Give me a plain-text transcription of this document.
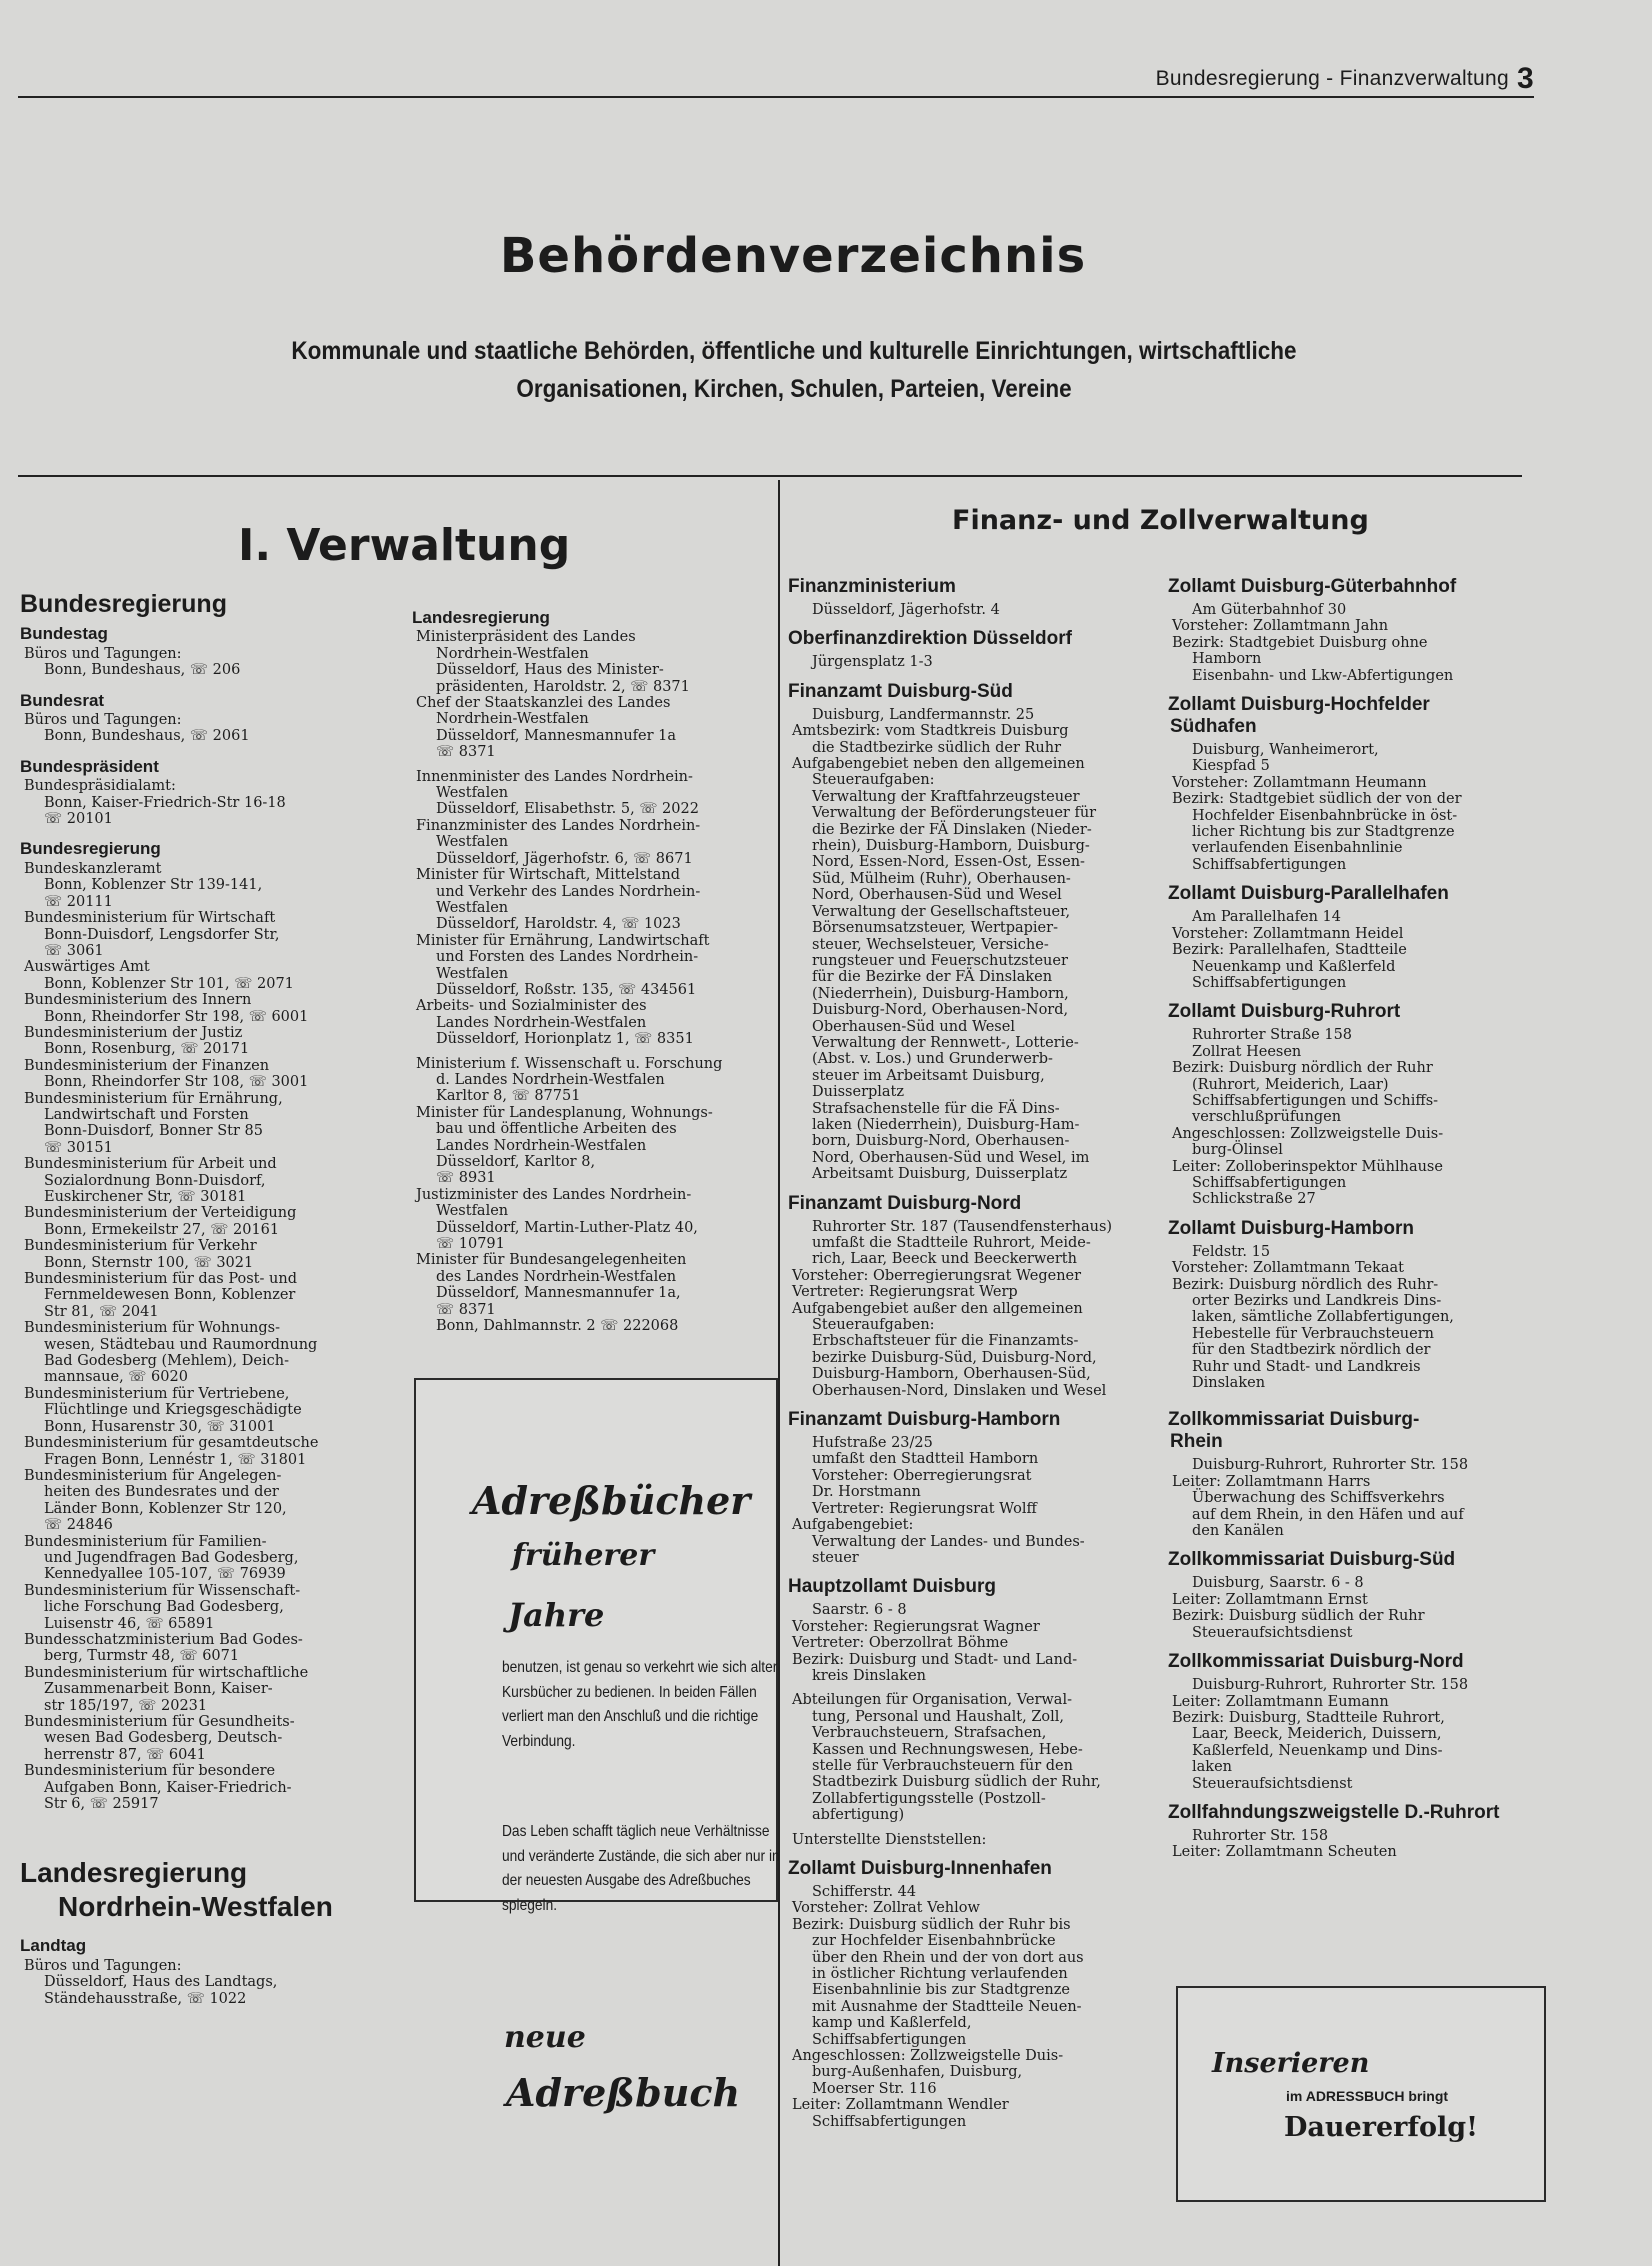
Bundesregierung - Finanzverwaltung 3
Behördenverzeichnis
Kommunale und staatliche Behörden, öffentliche und kulturelle Einrichtungen, wirtschaftliche Organisationen, Kirchen, Schulen, Parteien, Vereine
I. Verwaltung	Finanz- und Zollverwaltung

Bundesregierung

Bundestag

Büros und Tagungen:

Bonn, Bundeshaus, ☏ 206

Bundesrat

Büros und Tagungen:

Bonn, Bundeshaus, ☏ 2061

Bundespräsident

Bundespräsidialamt:

Bonn, Kaiser-Friedrich-Str 16-18

☏ 20101

Bundesregierung

Bundeskanzleramt

Bonn, Koblenzer Str 139-141,

☏ 20111

Bundesministerium für Wirtschaft

Bonn-Duisdorf, Lengsdorfer Str,

☏ 3061

Auswärtiges Amt

Bonn, Koblenzer Str 101, ☏ 2071

Bundesministerium des Innern

Bonn, Rheindorfer Str 198, ☏ 6001

Bundesministerium der Justiz

Bonn, Rosenburg, ☏ 20171

Bundesministerium der Finanzen

Bonn, Rheindorfer Str 108, ☏ 3001

Bundesministerium für Ernährung,

Landwirtschaft und Forsten

Bonn-Duisdorf, Bonner Str 85

☏ 30151

Bundesministerium für Arbeit und

Sozialordnung Bonn-Duisdorf,

Euskirchener Str, ☏ 30181

Bundesministerium der Verteidigung

Bonn, Ermekeilstr 27, ☏ 20161

Bundesministerium für Verkehr

Bonn, Sternstr 100, ☏ 3021

Bundesministerium für das Post- und

Fernmeldewesen Bonn, Koblenzer

Str 81, ☏ 2041

Bundesministerium für Wohnungs-

wesen, Städtebau und Raumordnung

Bad Godesberg (Mehlem), Deich-

mannsaue, ☏ 6020

Bundesministerium für Vertriebene,

Flüchtlinge und Kriegsgeschädigte

Bonn, Husarenstr 30, ☏ 31001

Bundesministerium für gesamtdeutsche

Fragen Bonn, Lennéstr 1, ☏ 31801

Bundesministerium für Angelegen-

heiten des Bundesrates und der

Länder Bonn, Koblenzer Str 120,

☏ 24846

Bundesministerium für Familien-

und Jugendfragen Bad Godesberg,

Kennedyallee 105-107, ☏ 76939

Bundesministerium für Wissenschaft-

liche Forschung Bad Godesberg,

Luisenstr 46, ☏ 65891

Bundesschatzministerium Bad Godes-

berg, Turmstr 48, ☏ 6071

Bundesministerium für wirtschaftliche

Zusammenarbeit Bonn, Kaiser-

str 185/197, ☏ 20231

Bundesministerium für Gesundheits-

wesen Bad Godesberg, Deutsch-

herrenstr 87, ☏ 6041

Bundesministerium für besondere

Aufgaben Bonn, Kaiser-Friedrich-

Str 6, ☏ 25917

Landesregierung

Nordrhein-Westfalen

Landtag

Büros und Tagungen:

Düsseldorf, Haus des Landtags,

Ständehausstraße, ☏ 1022

Landesregierung

Ministerpräsident des Landes

Nordrhein-Westfalen

Düsseldorf, Haus des Minister-

präsidenten, Haroldstr. 2, ☏ 8371

Chef der Staatskanzlei des Landes

Nordrhein-Westfalen

Düsseldorf, Mannesmannufer 1a

☏ 8371

Innenminister des Landes Nordrhein-

Westfalen

Düsseldorf, Elisabethstr. 5, ☏ 2022

Finanzminister des Landes Nordrhein-

Westfalen

Düsseldorf, Jägerhofstr. 6, ☏ 8671

Minister für Wirtschaft, Mittelstand

und Verkehr des Landes Nordrhein-

Westfalen

Düsseldorf, Haroldstr. 4, ☏ 1023

Minister für Ernährung, Landwirtschaft

und Forsten des Landes Nordrhein-

Westfalen

Düsseldorf, Roßstr. 135, ☏ 434561

Arbeits- und Sozialminister des

Landes Nordrhein-Westfalen

Düsseldorf, Horionplatz 1, ☏ 8351

Ministerium f. Wissenschaft u. Forschung

d. Landes Nordrhein-Westfalen

Karltor 8, ☏ 87751

Minister für Landesplanung, Wohnungs-

bau und öffentliche Arbeiten des

Landes Nordrhein-Westfalen

Düsseldorf, Karltor 8,

☏ 8931

Justizminister des Landes Nordrhein-

Westfalen

Düsseldorf, Martin-Luther-Platz 40,

☏ 10791

Minister für Bundesangelegenheiten

des Landes Nordrhein-Westfalen

Düsseldorf, Mannesmannufer 1a,

☏ 8371

Bonn, Dahlmannstr. 2 ☏ 222068

Finanzministerium

Düsseldorf, Jägerhofstr. 4

Oberfinanzdirektion Düsseldorf

Jürgensplatz 1-3

Finanzamt Duisburg-Süd

Duisburg, Landfermannstr. 25

Amtsbezirk: vom Stadtkreis Duisburg

die Stadtbezirke südlich der Ruhr

Aufgabengebiet neben den allgemeinen

Steueraufgaben:

Verwaltung der Kraftfahrzeugsteuer

Verwaltung der Beförderungsteuer für

die Bezirke der FÄ Dinslaken (Nieder-

rhein), Duisburg-Hamborn, Duisburg-

Nord, Essen-Nord, Essen-Ost, Essen-

Süd, Mülheim (Ruhr), Oberhausen-

Nord, Oberhausen-Süd und Wesel

Verwaltung der Gesellschaftsteuer,

Börsenumsatzsteuer, Wertpapier-

steuer, Wechselsteuer, Versiche-

rungsteuer und Feuerschutzsteuer

für die Bezirke der FÄ Dinslaken

(Niederrhein), Duisburg-Hamborn,

Duisburg-Nord, Oberhausen-Nord,

Oberhausen-Süd und Wesel

Verwaltung der Rennwett-, Lotterie-

(Abst. v. Los.) und Grunderwerb-

steuer im Arbeitsamt Duisburg,

Duisserplatz

Strafsachenstelle für die FÄ Dins-

laken (Niederrhein), Duisburg-Ham-

born, Duisburg-Nord, Oberhausen-

Nord, Oberhausen-Süd und Wesel, im

Arbeitsamt Duisburg, Duisserplatz

Finanzamt Duisburg-Nord

Ruhrorter Str. 187 (Tausendfensterhaus)

umfaßt die Stadtteile Ruhrort, Meide-

rich, Laar, Beeck und Beeckerwerth

Vorsteher: Oberregierungsrat Wegener

Vertreter: Regierungsrat Werp

Aufgabengebiet außer den allgemeinen

Steueraufgaben:

Erbschaftsteuer für die Finanzamts-

bezirke Duisburg-Süd, Duisburg-Nord,

Duisburg-Hamborn, Oberhausen-Süd,

Oberhausen-Nord, Dinslaken und Wesel

Finanzamt Duisburg-Hamborn

Hufstraße 23/25

umfaßt den Stadtteil Hamborn

Vorsteher: Oberregierungsrat

Dr. Horstmann

Vertreter: Regierungsrat Wolff

Aufgabengebiet:

Verwaltung der Landes- und Bundes-

steuer

Hauptzollamt Duisburg

Saarstr. 6 - 8

Vorsteher: Regierungsrat Wagner

Vertreter: Oberzollrat Böhme

Bezirk: Duisburg und Stadt- und Land-

kreis Dinslaken

Abteilungen für Organisation, Verwal-

tung, Personal und Haushalt, Zoll,

Verbrauchsteuern, Strafsachen,

Kassen und Rechnungswesen, Hebe-

stelle für Verbrauchsteuern für den

Stadtbezirk Duisburg südlich der Ruhr,

Zollabfertigungsstelle (Postzoll-

abfertigung)

Unterstellte Dienststellen:

Zollamt Duisburg-Innenhafen

Schifferstr. 44

Vorsteher: Zollrat Vehlow

Bezirk: Duisburg südlich der Ruhr bis

zur Hochfelder Eisenbahnbrücke

über den Rhein und der von dort aus

in östlicher Richtung verlaufenden

Eisenbahnlinie bis zur Stadtgrenze

mit Ausnahme der Stadtteile Neuen-

kamp und Kaßlerfeld,

Schiffsabfertigungen

Angeschlossen: Zollzweigstelle Duis-

burg-Außenhafen, Duisburg,

Moerser Str. 116

Leiter: Zollamtmann Wendler

Schiffsabfertigungen

Zollamt Duisburg-Güterbahnhof

Am Güterbahnhof 30

Vorsteher: Zollamtmann Jahn

Bezirk: Stadtgebiet Duisburg ohne

Hamborn

Eisenbahn- und Lkw-Abfertigungen

Zollamt Duisburg-Hochfelder

Südhafen

Duisburg, Wanheimerort,

Kiespfad 5

Vorsteher: Zollamtmann Heumann

Bezirk: Stadtgebiet südlich der von der

Hochfelder Eisenbahnbrücke in öst-

licher Richtung bis zur Stadtgrenze

verlaufenden Eisenbahnlinie

Schiffsabfertigungen

Zollamt Duisburg-Parallelhafen

Am Parallelhafen 14

Vorsteher: Zollamtmann Heidel

Bezirk: Parallelhafen, Stadtteile

Neuenkamp und Kaßlerfeld

Schiffsabfertigungen

Zollamt Duisburg-Ruhrort

Ruhrorter Straße 158

Zollrat Heesen

Bezirk: Duisburg nördlich der Ruhr

(Ruhrort, Meiderich, Laar)

Schiffsabfertigungen und Schiffs-

verschlußprüfungen

Angeschlossen: Zollzweigstelle Duis-

burg-Ölinsel

Leiter: Zolloberinspektor Mühlhause

Schiffsabfertigungen

Schlickstraße 27

Zollamt Duisburg-Hamborn

Feldstr. 15

Vorsteher: Zollamtmann Tekaat

Bezirk: Duisburg nördlich des Ruhr-

orter Bezirks und Landkreis Dins-

laken, sämtliche Zollabfertigungen,

Hebestelle für Verbrauchsteuern

für den Stadtbezirk nördlich der

Ruhr und Stadt- und Landkreis

Dinslaken

Zollkommissariat Duisburg-

Rhein

Duisburg-Ruhrort, Ruhrorter Str. 158

Leiter: Zollamtmann Harrs

Überwachung des Schiffsverkehrs

auf dem Rhein, in den Häfen und auf

den Kanälen

Zollkommissariat Duisburg-Süd

Duisburg, Saarstr. 6 - 8

Leiter: Zollamtmann Ernst

Bezirk: Duisburg südlich der Ruhr

Steueraufsichtsdienst

Zollkommissariat Duisburg-Nord

Duisburg-Ruhrort, Ruhrorter Str. 158

Leiter: Zollamtmann Eumann

Bezirk: Duisburg, Stadtteile Ruhrort,

Laar, Beeck, Meiderich, Duissern,

Kaßlerfeld, Neuenkamp und Dins-

laken

Steueraufsichtsdienst

Zollfahndungszweigstelle D.-Ruhrort

Ruhrorter Str. 158

Leiter: Zollamtmann Scheuten

Adreßbücher
früherer
Jahre
benutzen, ist genau so verkehrt wie sich alter Kursbücher zu bedienen. In beiden Fällen verliert man den Anschluß und die richtige Verbindung.
Das Leben schafft täglich neue Verhältnisse und veränderte Zustände, die sich aber nur in der neuesten Ausgabe des Adreßbuches spiegeln.
neue
Adreßbuch
Inserieren
im ADRESSBUCH bringt
Dauererfolg!
